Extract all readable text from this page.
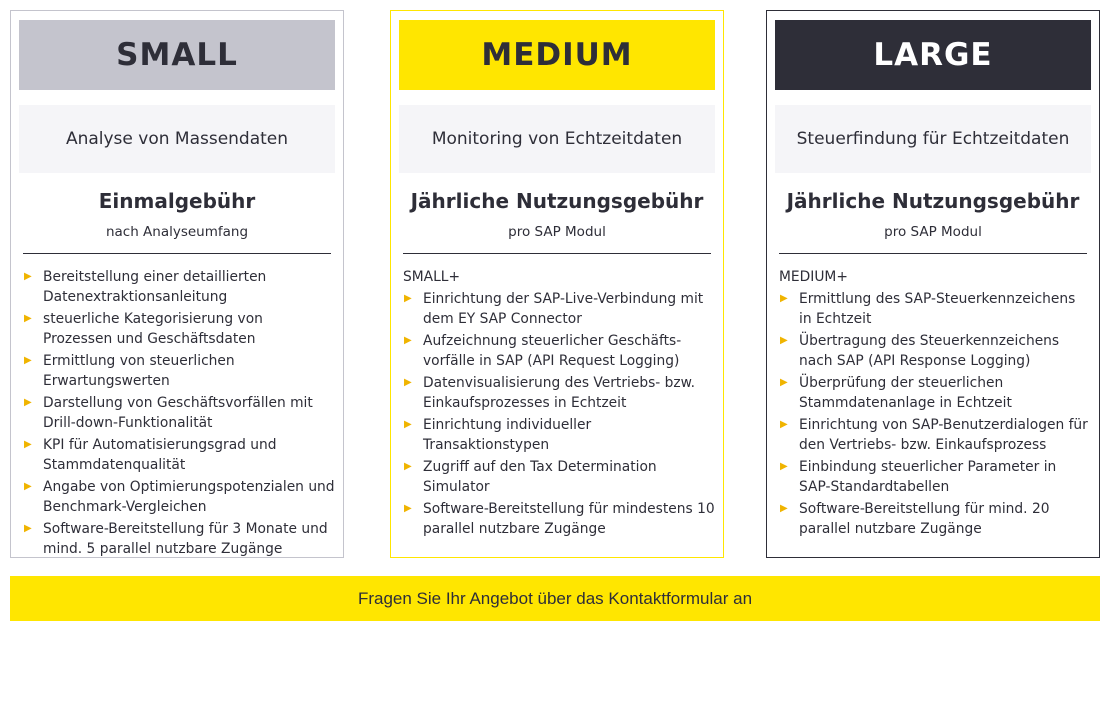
SMALL
Analyse von Massendaten
Einmalgebühr
nach Analyseumfang
▶ Bereitstellung einer detaillierten Datenextraktionsanleitung
▶ steuerliche Kategorisierung von Prozessen und Geschäftsdaten
▶ Ermittlung von steuerlichen Erwartungswerten
▶ Darstellung von Geschäftsvorfällen mit Drill-down-Funktionalität
▶ KPI für Automatisierungsgrad und Stammdatenqualität
▶ Angabe von Optimierungspotenzialen und Benchmark-Vergleichen
▶ Software-Bereitstellung für 3 Monate und mind. 5 parallel nutzbare Zugänge
MEDIUM
Monitoring von Echtzeitdaten
Jährliche Nutzungsgebühr
pro SAP Modul
SMALL+
▶ Einrichtung der SAP-Live-Verbindung mit dem EY SAP Connector
▶ Aufzeichnung steuerlicher Geschäfts-vorfälle in SAP (API Request Logging)
▶ Datenvisualisierung des Vertriebs- bzw. Einkaufsprozesses in Echtzeit
▶ Einrichtung individueller Transaktionstypen
▶ Zugriff auf den Tax Determination Simulator
▶ Software-Bereitstellung für mindestens 10 parallel nutzbare Zugänge
LARGE
Steuerfindung für Echtzeitdaten
Jährliche Nutzungsgebühr
pro SAP Modul
MEDIUM+
▶ Ermittlung des SAP-Steuerkennzeichens in Echtzeit
▶ Übertragung des Steuerkennzeichens nach SAP (API Response Logging)
▶ Überprüfung der steuerlichen Stammdatenanlage in Echtzeit
▶ Einrichtung von SAP-Benutzerdialogen für den Vertriebs- bzw. Einkaufsprozess
▶ Einbindung steuerlicher Parameter in SAP-Standardtabellen
▶ Software-Bereitstellung für mind. 20 parallel nutzbare Zugänge
Fragen Sie Ihr Angebot über das Kontaktformular an
